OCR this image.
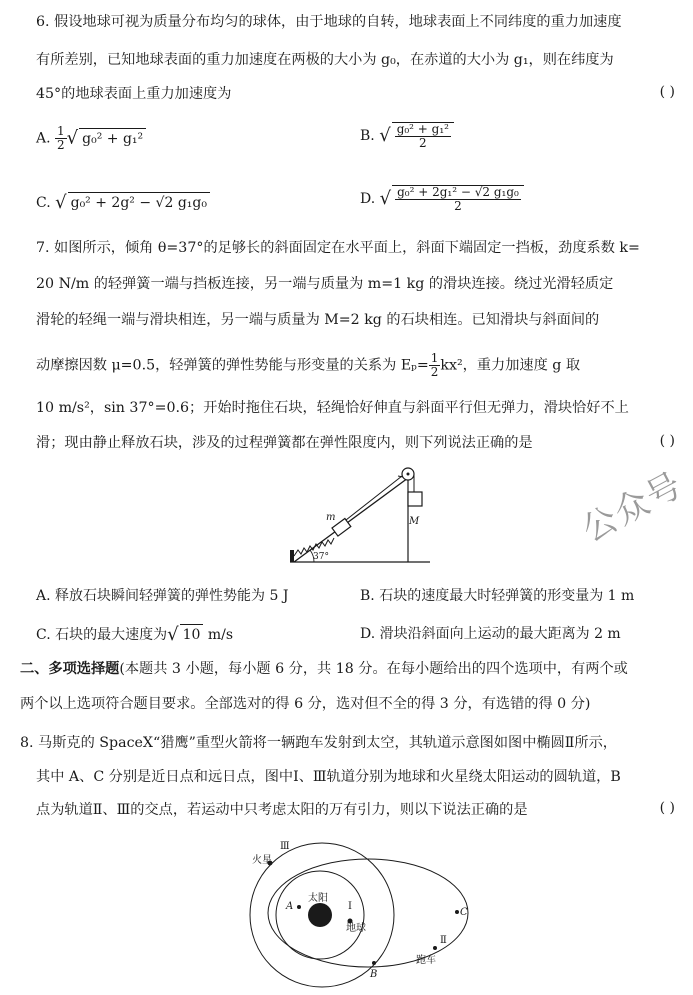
6. 假设地球可视为质量分布均匀的球体，由于地球的自转，地球表面上不同纬度的重力加速度
有所差别，已知地球表面的重力加速度在两极的大小为 g₀，在赤道的大小为 g₁，则在纬度为
45°的地球表面上重力加速度为	( )
A. $\frac{1}{2}$ √ g₀² + g₁²	B. √ $\frac{\text{g₀² + g₁²}}{2}$
C. √ g₀² + 2g² − √2 g₁g₀	D. √ $\frac{\text{g₀² + 2g₁² − √2 g₁g₀}}{2}$
7. 如图所示，倾角 θ=37°的足够长的斜面固定在水平面上，斜面下端固定一挡板，劲度系数 k=
20 N/m 的轻弹簧一端与挡板连接，另一端与质量为 m=1 kg 的滑块连接。绕过光滑轻质定
滑轮的轻绳一端与滑块相连，另一端与质量为 M=2 kg 的石块相连。已知滑块与斜面间的
动摩擦因数 μ=0.5，轻弹簧的弹性势能与形变量的关系为 $E_p= \frac{1}{2} kx^2$，重力加速度 g 取
10 m/s²，sin 37°=0.6；开始时拖住石块，轻绳恰好伸直与斜面平行但无弹力，滑块恰好不上
滑；现由静止释放石块，涉及的过程弹簧都在弹性限度内，则下列说法正确的是	( )
m	M
37°
公众号
A. 释放石块瞬间轻弹簧的弹性势能为 5 J	B. 石块的速度最大时轻弹簧的形变量为 1 m
C. 石块的最大速度为√ 10 m/s	D. 滑块沿斜面向上运动的最大距离为 2 m
二、多项选择题(本题共 3 小题，每小题 6 分，共 18 分。在每小题给出的四个选项中，有两个或
两个以上选项符合题目要求。全部选对的得 6 分，选对但不全的得 3 分，有选错的得 0 分)
8. 马斯克的 SpaceX“猎鹰”重型火箭将一辆跑车发射到太空，其轨道示意图如图中椭圆Ⅱ所示，
其中 A、C 分别是近日点和远日点，图中Ⅰ、Ⅲ轨道分别为地球和火星绕太阳运动的圆轨道，B
点为轨道Ⅱ、Ⅲ的交点，若运动中只考虑太阳的万有引力，则以下说法正确的是	( )
太阳
火星
Ⅲ
地球
Ⅰ
A
C
B
Ⅱ
跑车
